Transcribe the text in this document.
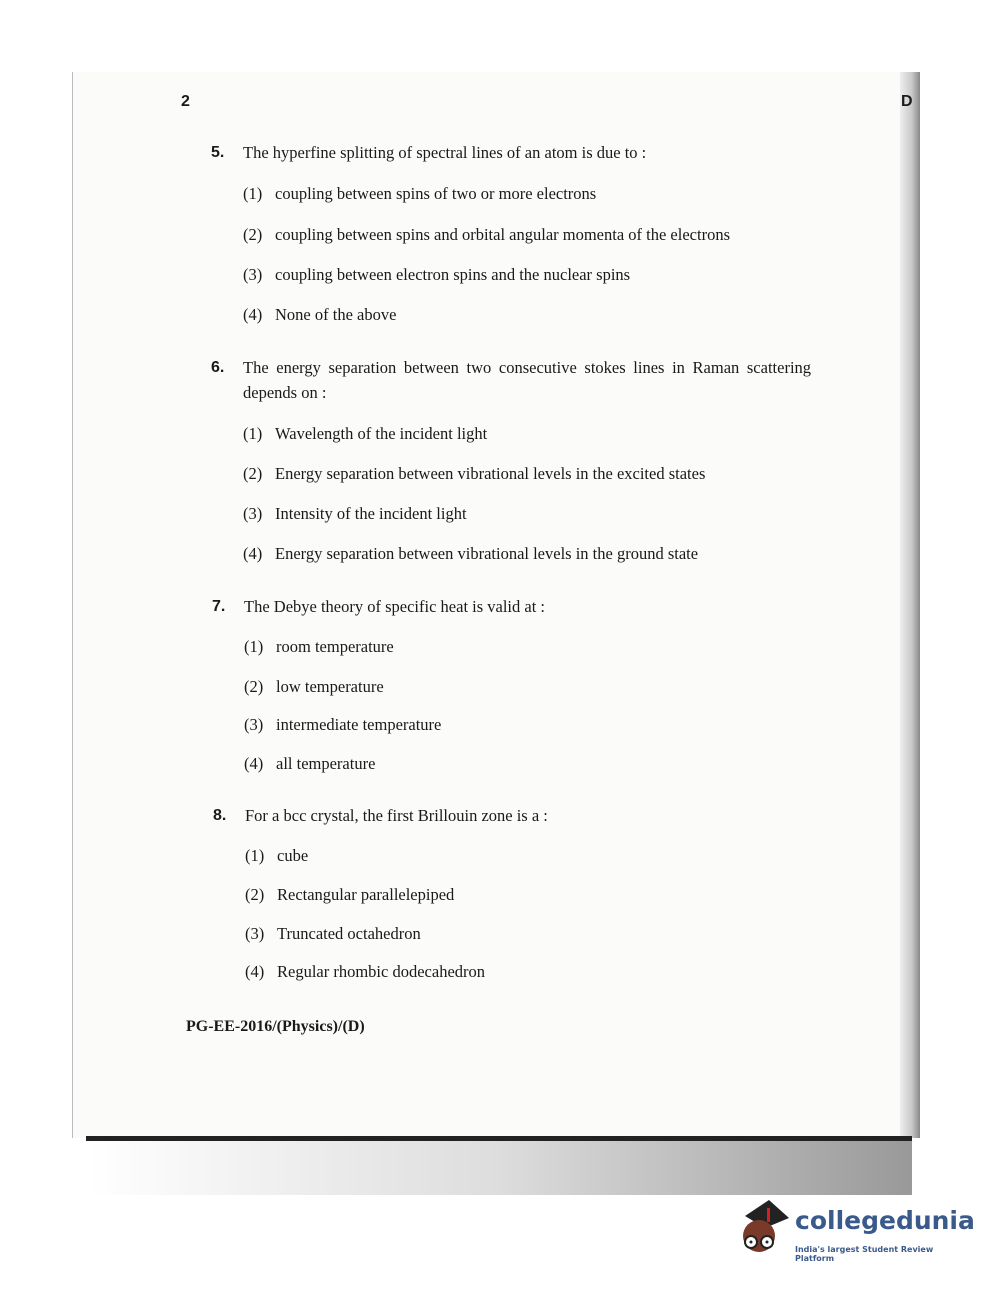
2	D
5. The hyperfine splitting of spectral lines of an atom is due to :
(1) coupling between spins of two or more electrons
(2) coupling between spins and orbital angular momenta of the electrons
(3) coupling between electron spins and the nuclear spins
(4) None of the above
6. The energy separation between two consecutive stokes lines in Raman scattering
depends on :
(1) Wavelength of the incident light
(2) Energy separation between vibrational levels in the excited states
(3) Intensity of the incident light
(4) Energy separation between vibrational levels in the ground state
7. The Debye theory of specific heat is valid at :
(1) room temperature
(2) low temperature
(3) intermediate temperature
(4) all temperature
8. For a bcc crystal, the first Brillouin zone is a :
(1) cube
(2) Rectangular parallelepiped
(3) Truncated octahedron
(4) Regular rhombic dodecahedron
PG-EE-2016/(Physics)/(D)
collegedunia
India's largest Student Review Platform
